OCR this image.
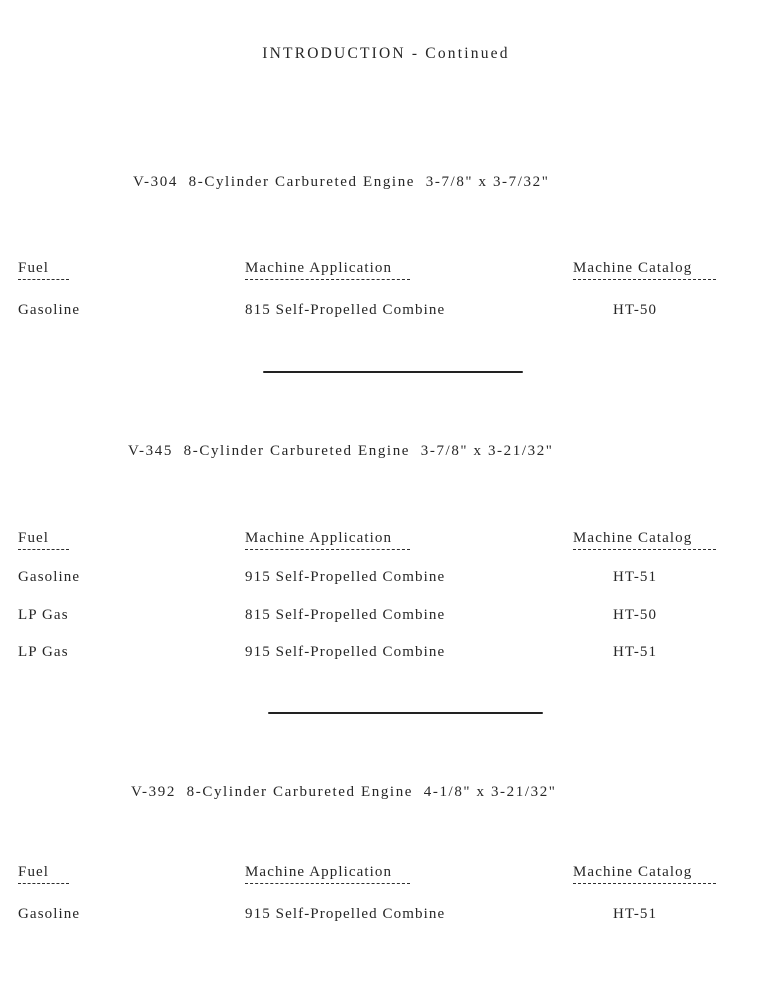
INTRODUCTION - Continued
V-304  8-Cylinder Carbureted Engine  3-7/8" x 3-7/32"
Fuel	Machine Application	Machine Catalog
Gasoline	815 Self-Propelled Combine	HT-50
V-345  8-Cylinder Carbureted Engine  3-7/8" x 3-21/32"
Fuel	Machine Application	Machine Catalog
Gasoline	915 Self-Propelled Combine	HT-51
LP Gas	815 Self-Propelled Combine	HT-50
LP Gas	915 Self-Propelled Combine	HT-51
V-392  8-Cylinder Carbureted Engine  4-1/8" x 3-21/32"
Fuel	Machine Application	Machine Catalog
Gasoline	915 Self-Propelled Combine	HT-51
